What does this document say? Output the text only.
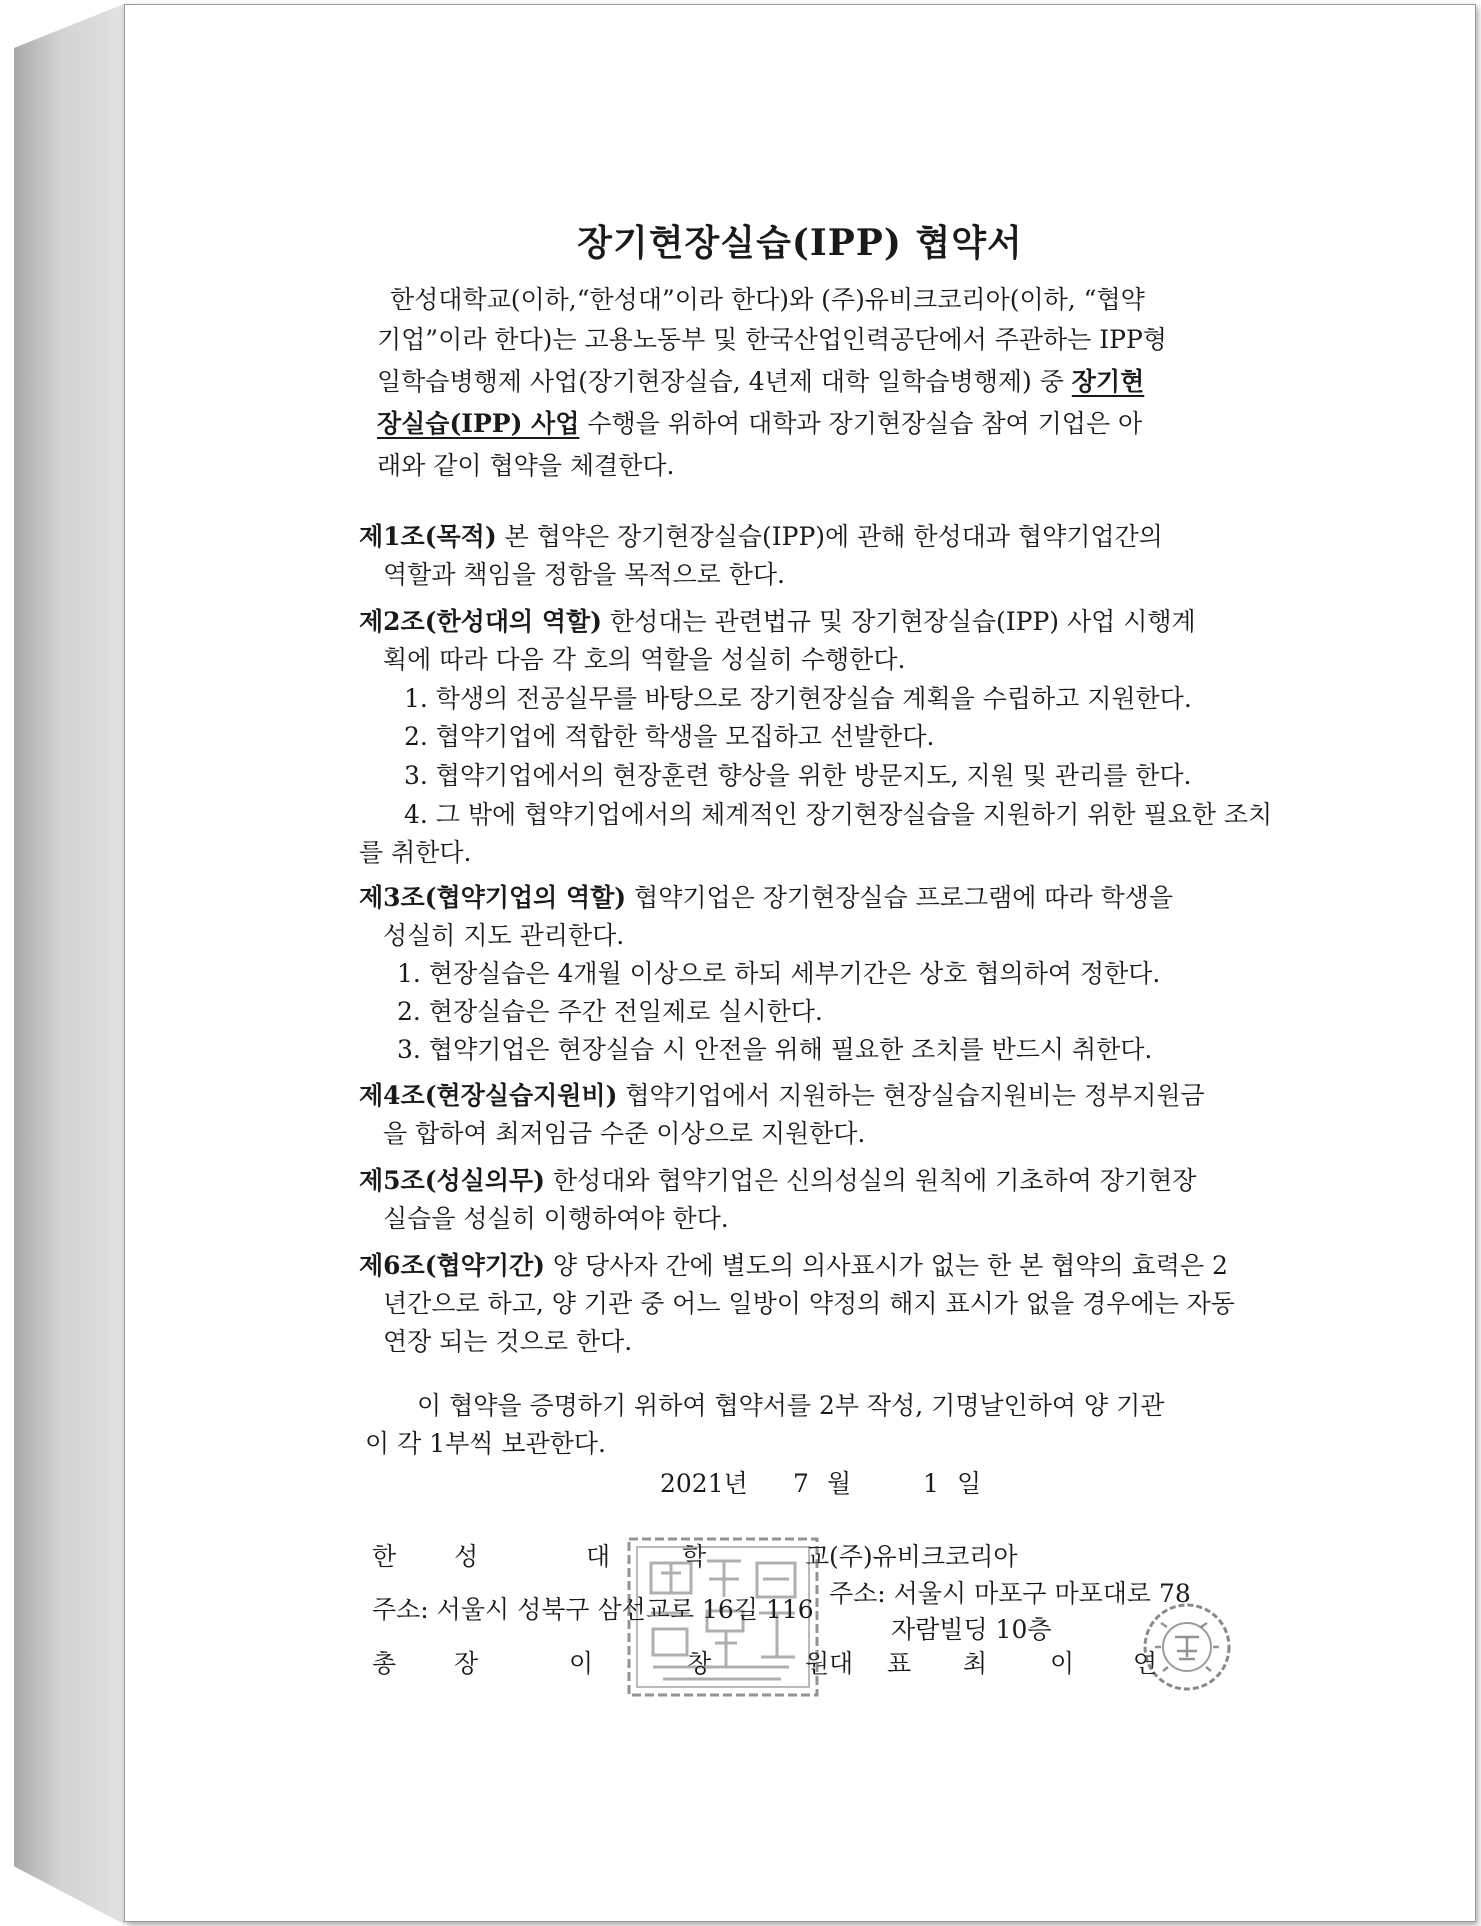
장기현장실습(IPP) 협약서
한성대학교(이하,“한성대”이라 한다)와 (주)유비크코리아(이하, “협약
기업”이라 한다)는 고용노동부 및 한국산업인력공단에서 주관하는 IPP형
일학습병행제 사업(장기현장실습, 4년제 대학 일학습병행제) 중 장기현
장실습(IPP) 사업 수행을 위하여 대학과 장기현장실습 참여 기업은 아
래와 같이 협약을 체결한다.
제1조(목적) 본 협약은 장기현장실습(IPP)에 관해 한성대과 협약기업간의
역할과 책임을 정함을 목적으로 한다.
제2조(한성대의 역할) 한성대는 관련법규 및 장기현장실습(IPP) 사업 시행계
획에 따라 다음 각 호의 역할을 성실히 수행한다.
1. 학생의 전공실무를 바탕으로 장기현장실습 계획을 수립하고 지원한다.
2. 협약기업에 적합한 학생을 모집하고 선발한다.
3. 협약기업에서의 현장훈련 향상을 위한 방문지도, 지원 및 관리를 한다.
4. 그 밖에 협약기업에서의 체계적인 장기현장실습을 지원하기 위한 필요한 조치
를 취한다.
제3조(협약기업의 역할) 협약기업은 장기현장실습 프로그램에 따라 학생을
성실히 지도 관리한다.
1. 현장실습은 4개월 이상으로 하되 세부기간은 상호 협의하여 정한다.
2. 현장실습은 주간 전일제로 실시한다.
3. 협약기업은 현장실습 시 안전을 위해 필요한 조치를 반드시 취한다.
제4조(현장실습지원비) 협약기업에서 지원하는 현장실습지원비는 정부지원금
을 합하여 최저임금 수준 이상으로 지원한다.
제5조(성실의무) 한성대와 협약기업은 신의성실의 원칙에 기초하여 장기현장
실습을 성실히 이행하여야 한다.
제6조(협약기간) 양 당사자 간에 별도의 의사표시가 없는 한 본 협약의 효력은 2
년간으로 하고, 양 기관 중 어느 일방이 약정의 해지 표시가 없을 경우에는 자동
연장 되는 것으로 한다.
이 협약을 증명하기 위하여 협약서를 2부 작성, 기명날인하여 양 기관
이 각 1부씩 보관한다.
2021년 7 월	1 일
한 성	대	학	교
주소: 서울시 성북구 삼선교로 16길 116
총 장	이	창	원
(주)유비크코리아
주소: 서울시 마포구 마포대로 78
자람빌딩 10층
대 표 최	이 연
